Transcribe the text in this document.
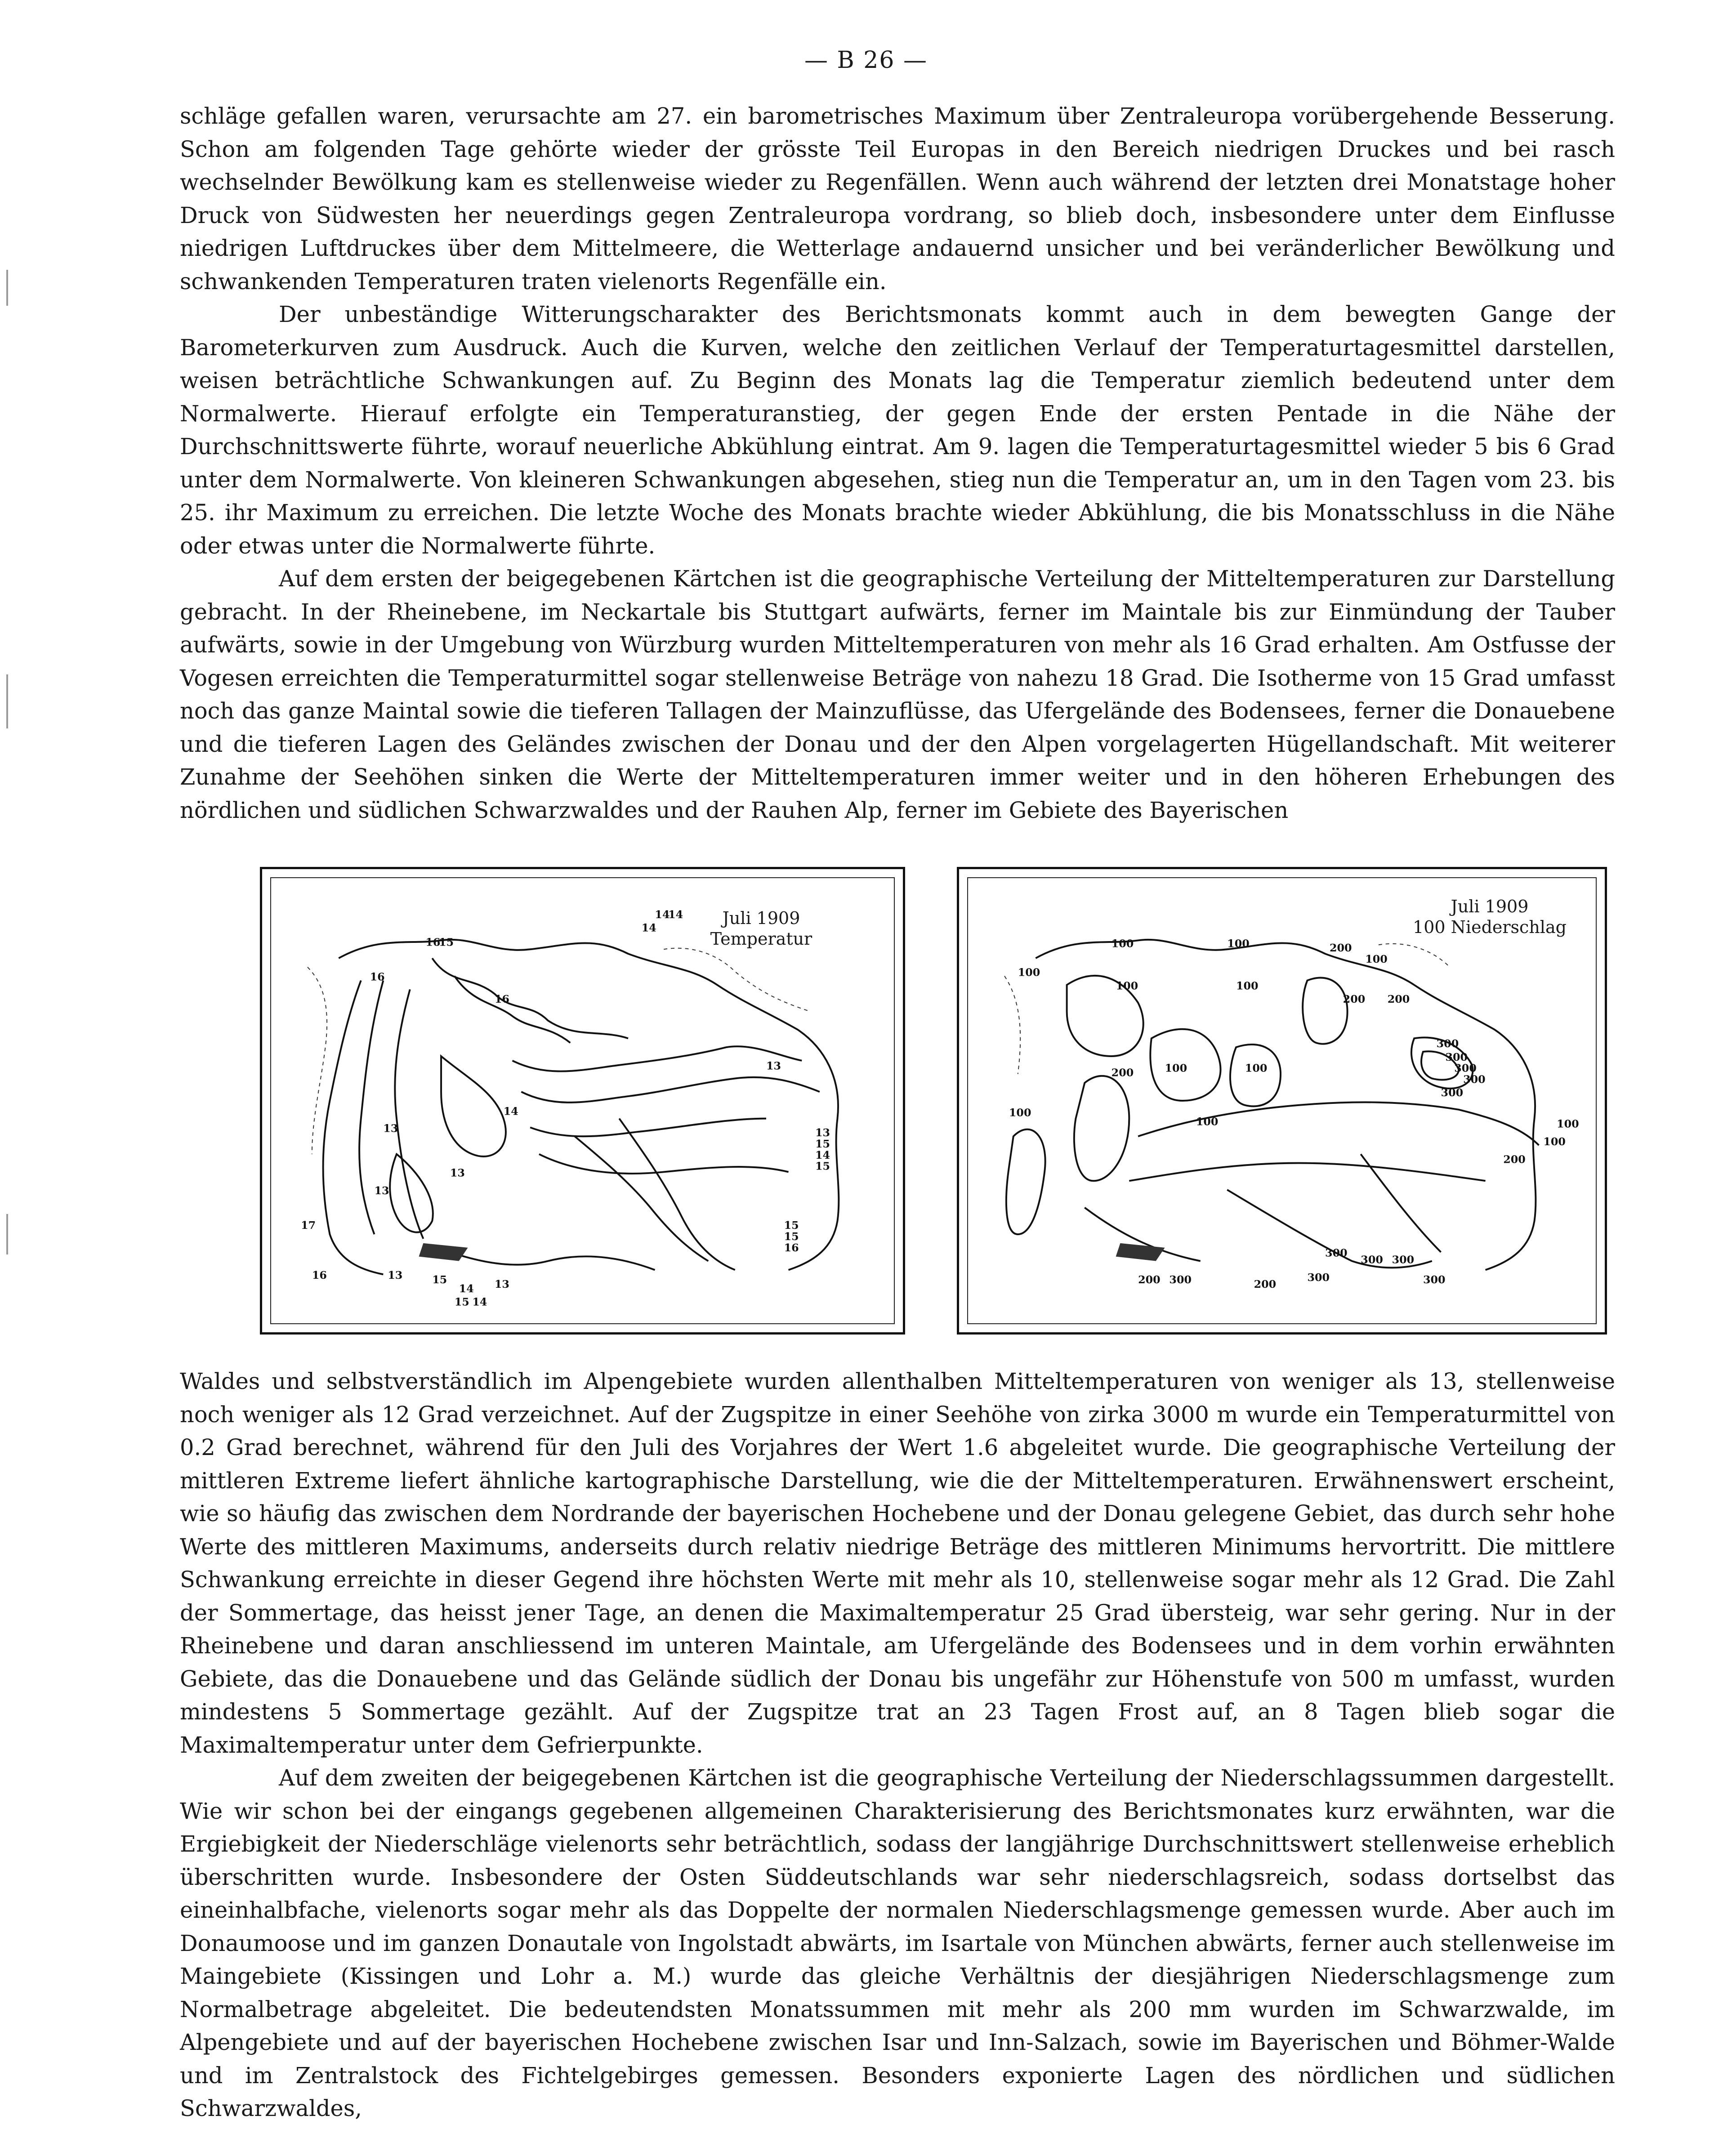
— B 26 —

schläge gefallen waren, verursachte am 27. ein barometrisches Maximum über Zentraleuropa vorübergehende Besserung. Schon am folgenden Tage gehörte wieder der grösste Teil Europas in den Bereich niedrigen Druckes und bei rasch wechselnder Bewölkung kam es stellenweise wieder zu Regenfällen. Wenn auch während der letzten drei Monatstage hoher Druck von Südwesten her neuerdings gegen Zentraleuropa vordrang, so blieb doch, insbesondere unter dem Einflusse niedrigen Luftdruckes über dem Mittelmeere, die Wetterlage andauernd unsicher und bei veränderlicher Bewölkung und schwankenden Temperaturen traten vielenorts Regenfälle ein.

Der unbeständige Witterungscharakter des Berichtsmonats kommt auch in dem bewegten Gange der Barometerkurven zum Ausdruck. Auch die Kurven, welche den zeitlichen Verlauf der Temperaturtagesmittel darstellen, weisen beträchtliche Schwankungen auf. Zu Beginn des Monats lag die Temperatur ziemlich bedeutend unter dem Normalwerte. Hierauf erfolgte ein Temperaturanstieg, der gegen Ende der ersten Pentade in die Nähe der Durchschnittswerte führte, worauf neuerliche Abkühlung eintrat. Am 9. lagen die Temperaturtagesmittel wieder 5 bis 6 Grad unter dem Normalwerte. Von kleineren Schwankungen abgesehen, stieg nun die Temperatur an, um in den Tagen vom 23. bis 25. ihr Maximum zu erreichen. Die letzte Woche des Monats brachte wieder Abkühlung, die bis Monatsschluss in die Nähe oder etwas unter die Normalwerte führte.

Auf dem ersten der beigegebenen Kärtchen ist die geographische Verteilung der Mitteltemperaturen zur Darstellung gebracht. In der Rheinebene, im Neckartale bis Stuttgart aufwärts, ferner im Maintale bis zur Einmündung der Tauber aufwärts, sowie in der Umgebung von Würzburg wurden Mitteltemperaturen von mehr als 16 Grad erhalten. Am Ostfusse der Vogesen erreichten die Temperaturmittel sogar stellenweise Beträge von nahezu 18 Grad. Die Isotherme von 15 Grad umfasst noch das ganze Maintal sowie die tieferen Tallagen der Mainzuflüsse, das Ufergelände des Bodensees, ferner die Donauebene und die tieferen Lagen des Geländes zwischen der Donau und der den Alpen vorgelagerten Hügellandschaft. Mit weiterer Zunahme der Seehöhen sinken die Werte der Mitteltemperaturen immer weiter und in den höheren Erhebungen des nördlichen und südlichen Schwarzwaldes und der Rauhen Alp, ferner im Gebiete des Bayerischen

14
14
14
16
15
16
16
13
14
13	13
15
14
15
13
17
13
15
15
16
16	13	15
14
15 14
13
Juli 1909
Temperatur	100	100	200
100
100	100
100
200 200
300
300
300
300
300
200	100	100
100
100
100
200
300
200 300	200
300
300 300
300
100
Juli 1909
100 Niederschlag

Waldes und selbstverständlich im Alpengebiete wurden allenthalben Mitteltemperaturen von weniger als 13, stellenweise noch weniger als 12 Grad verzeichnet. Auf der Zugspitze in einer Seehöhe von zirka 3000 m wurde ein Temperaturmittel von 0.2 Grad berechnet, während für den Juli des Vorjahres der Wert 1.6 abgeleitet wurde. Die geographische Verteilung der mittleren Extreme liefert ähnliche kartographische Darstellung, wie die der Mitteltemperaturen. Erwähnenswert erscheint, wie so häufig das zwischen dem Nordrande der bayerischen Hochebene und der Donau gelegene Gebiet, das durch sehr hohe Werte des mittleren Maximums, anderseits durch relativ niedrige Beträge des mittleren Minimums hervortritt. Die mittlere Schwankung erreichte in dieser Gegend ihre höchsten Werte mit mehr als 10, stellenweise sogar mehr als 12 Grad. Die Zahl der Sommertage, das heisst jener Tage, an denen die Maximaltemperatur 25 Grad übersteig, war sehr gering. Nur in der Rheinebene und daran anschliessend im unteren Maintale, am Ufergelände des Bodensees und in dem vorhin erwähnten Gebiete, das die Donauebene und das Gelände südlich der Donau bis ungefähr zur Höhenstufe von 500 m umfasst, wurden mindestens 5 Sommertage gezählt. Auf der Zugspitze trat an 23 Tagen Frost auf, an 8 Tagen blieb sogar die Maximaltemperatur unter dem Gefrierpunkte.

Auf dem zweiten der beigegebenen Kärtchen ist die geographische Verteilung der Niederschlagssummen dargestellt. Wie wir schon bei der eingangs gegebenen allgemeinen Charakterisierung des Berichtsmonates kurz erwähnten, war die Ergiebigkeit der Niederschläge vielenorts sehr beträchtlich, sodass der langjährige Durchschnittswert stellenweise erheblich überschritten wurde. Insbesondere der Osten Süddeutschlands war sehr niederschlagsreich, sodass dortselbst das eineinhalbfache, vielenorts sogar mehr als das Doppelte der normalen Niederschlagsmenge gemessen wurde. Aber auch im Donaumoose und im ganzen Donautale von Ingolstadt abwärts, im Isartale von München abwärts, ferner auch stellenweise im Maingebiete (Kissingen und Lohr a. M.) wurde das gleiche Verhältnis der diesjährigen Niederschlagsmenge zum Normalbetrage abgeleitet. Die bedeutendsten Monatssummen mit mehr als 200 mm wurden im Schwarzwalde, im Alpengebiete und auf der bayerischen Hochebene zwischen Isar und Inn-Salzach, sowie im Bayerischen und Böhmer-Walde und im Zentralstock des Fichtelgebirges gemessen. Besonders exponierte Lagen des nördlichen und südlichen Schwarzwaldes,
